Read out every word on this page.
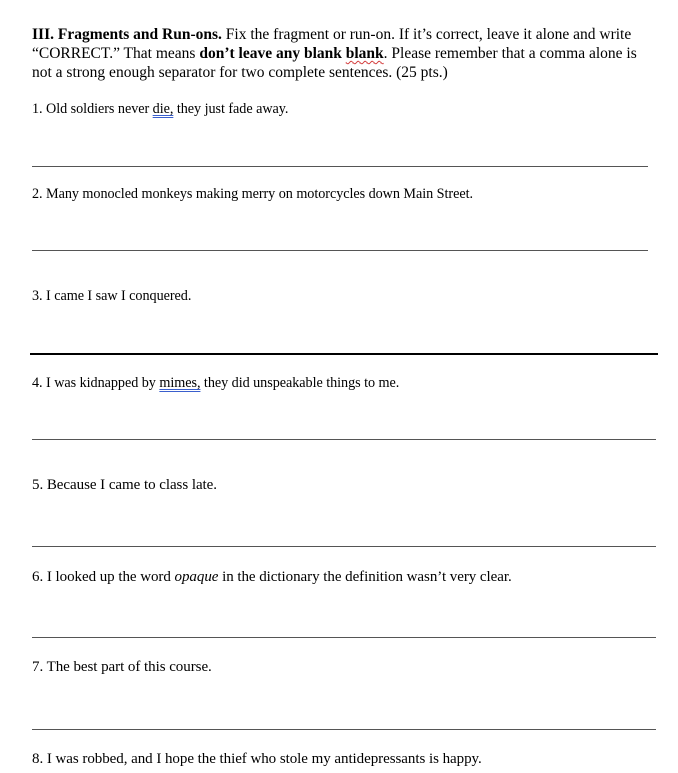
III. Fragments and Run-ons. Fix the fragment or run-on. If it’s correct, leave it alone and write “CORRECT.” That means don’t leave any blank blank. Please remember that a comma alone is not a strong enough separator for two complete sentences. (25 pts.)
1. Old soldiers never die, they just fade away.
2. Many monocled monkeys making merry on motorcycles down Main Street.
3. I came I saw I conquered.
4. I was kidnapped by mimes, they did unspeakable things to me.
5. Because I came to class late.
6. I looked up the word opaque in the dictionary the definition wasn’t very clear.
7. The best part of this course.
8. I was robbed, and I hope the thief who stole my antidepressants is happy.
